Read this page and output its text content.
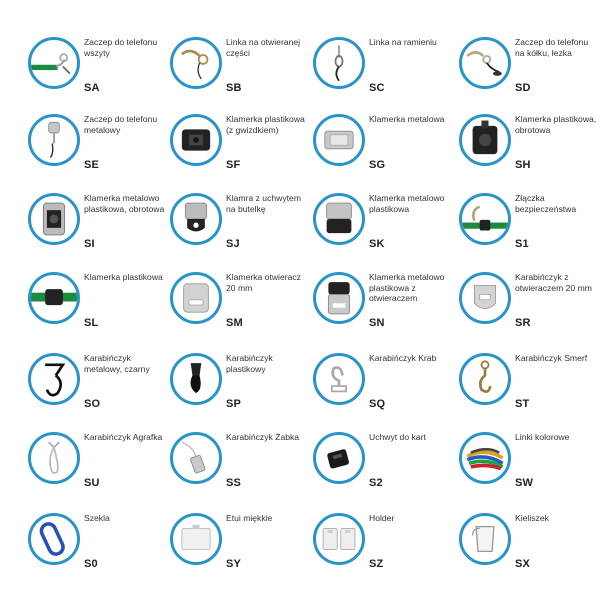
Zaczep do telefonu wszyty
SA
Linka na otwieranej części
SB
Linka na ramieniu
SC
Zaczep do telefonu na kółku, łezka
SD
Zaczep do telefonu metalowy
SE
Klamerka plastikowa (z gwizdkiem)
SF
Klamerka metalowa
SG
Klamerka plastikowa, obrotowa
SH
Klamerka metalowo plastikowa, obrotowa
SI
Klamra z uchwytem na butelkę
SJ
Klamerka metalowo plastikowa
SK
Złączka bezpieczeństwa
S1
Klamerka plastikowa
SL
Klamerka otwieracz 20 mm
SM
Klamerka metalowo plastikowa z otwieraczem
SN
Karabińczyk z otwieraczem 20 mm
SR
Karabińczyk metalowy, czarny
SO
Karabińczyk plastikowy
SP
Karabińczyk Krab
SQ
Karabińczyk Smerf
ST
Karabińczyk Agrafka
SU
Karabińczyk Żabka
SS
Uchwyt do kart
S2
Linki kolorowe
SW
Szekla
S0
Etui miękkie
SY
Holder
SZ
Kieliszek
SX
